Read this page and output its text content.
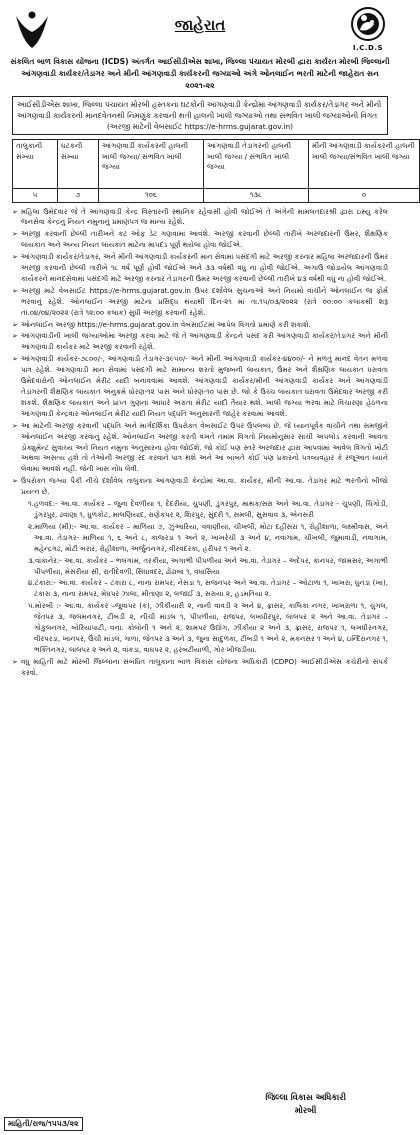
જાહેરાત
I.C.D.S
સંકલિત બાળ વિકાસ યોજના (ICDS) અંતર્ગત આઈસીડીએસ શાખા, જિલ્લા પંચાયત મોરબી દ્વારા કાર્યરત મોરબી જિલ્લાની આંગણવાડી કાર્યકર/તેડાગર અને મીની આંગણવાડી કાર્યકરની જગ્યાઓ અંગે ઓનલાઈન ભરતી માટેની જાહેરાત સન ૨૦૨૧-૨૨
આઈસીડીએસ શાખા, જિલ્લા પંચાયત મોરબી હસ્તકના ઘટકોની આંગણવાડી કેન્દ્રોમાં આંગણવાડી કાર્યકર/તેડાગર અને મીની આંગણવાડી કાર્યકરની માનદવેતનથી નિમણુંક કરવાની થતી હાલની ખાલી જગ્યાઓ તથા સંભવિત ખાલી જગ્યાઓની વિગત
(અરજી માટેની વેબસાઈટ https://e-hrms.gujarat.gov.in)
તાલુકાની સંખ્યા	ઘટકની સંખ્યા	આંગણવાડી કાર્યકરની હાલની ખાલી જગ્યા/ સંભવિત ખાલી જગ્યા	આંગણવાડી તેડાગરની હાલની ખાલી જગ્યા / સંભવિત ખાલી જગ્યા	મીની આંગણવાડી કાર્યકરની હાલની ખાલી જગ્યા/સંભવિત ખાલી જગ્યા
૫	૭	૧૦૬	૧૩૮	૦
➢ મહિલા ઉમેદવાર જે તે આંગણવાડી કેન્દ્ર વિસ્તારની સ્થાનિક રહેવાસી હોવી જોઈએ તે અંગેની મામલતદારશ્રી દ્વારા ઇસ્યુ કરેલ જનસેવા કેન્દ્રનું નિયત નમુનાનું પ્રમાણપત્ર જ માન્ય રહેશે.
➢ અરજી કરવાની છેલ્લી તારીખને કટ ઓફ ડેટ ગણવામાં આવશે. અરજી કરવાની છેલ્લી તારીખે અરજદારની ઉંમર, શૈક્ષણિક લાયકાત અને અન્ય નિયત લાયકાત માટેના માપદંડ પૂર્ણ થયેલા હોવા જોઈએ.
➢ આંગણવાડી કાર્યકર/તેડાગર, અને મીની આંગણવાડી કાર્યકરની માન સેવામાં પસંદગી માટે અરજી કરનાર મહિલા અરજદારની ઉંમર અરજી કરવાની છેલ્લી તારીખે ૧૮ વર્ષ પૂર્ણ હોવી જોઈએ અને ૩૩ વર્ષથી વધુ ના હોવી જોઈએ. અગાઉ જોડાયેલ આંગણવાડી કાર્યકરને માનદસેવામાં પસંદગી માટે અરજી કરનાર તેડાગરની ઉંમર અરજી કરવાની છેલ્લી તારીખે ૪૩ વર્ષથી વધુ ના હોવી જોઈએ.
➢ અરજી માટે વેબસાઈટ https://e-hrms.gujarat.gov.in ઉપર દર્શાવેલ સુચનાઓ અને નિયમો વાંચીને ઓનલાઈન જ ફોર્મ ભરવાનું રહેશે. ઓનલાઈન અરજી માટેના પ્રસિદ્ધ થયાથી દિન-૨૧ માં તા.૧૫/૦૩/૨૦૨૨ (રાત્રે ૦૦:૦૦ કલાકથી શરૂ તા.૦૪/૦૪/૨૦૨૨ (રાત્રે ૧૨:૦૦ કલાક) સુધી અરજી કરવાની રહેશે.
➢ ઓનલાઈન અરજી https://e-hrms.gujarat.gov.in વેબસાઈટમાં આપેલ વિગતો પ્રમાણે કરી શકાશે.
➢ આંગણવાડીની ખાલી જગ્યાઓમાં અરજી કરવા માટે જે તે આંગણવાડી કેન્દ્રને પસંદ કરી આંગણવાડી કાર્યકર/તેડાગર અને મીની આંગણવાડી કાર્યકર માટે અરજી કરવાની રહેશે.
➢ આંગણવાડી કાર્યકર-૭૮૦૦/-, આંગણવાડી તેડાગર-૩૯૫૦/- અને મીની આંગણવાડી કાર્યકર-૪૪૦૦/- ને મળતું માનદ વેતન મળવા પાત્ર રહેશે. આંગણવાડી માન સેવામાં પસંદગી માટે સામાન્ય શરતો મુજબની લાયકાત, ઉંમર અને શૈક્ષણિક લાયકાત ધરાવતા ઉમેદવારોની ઓનલાઈન મેરીટ યાદી બનાવવામાં આવશે. આંગણવાડી કાર્યકર/મીની આંગણવાડી કાર્યકર અને આંગણવાડી તેડાગરની શૈક્ષણિક લાયકાત અનુક્રમે ધોરણ-૧૨ પાસ અને ધોરણ-૧૦ પાસ છે. જો કે ઉચ્ચ લાયકાત ધરાવતા ઉમેદવાર અરજી કરી શકશે. શૈક્ષણિક લાયકાત અને પ્રાપ્ત ગુણના આધારે અગ્રતા મેરીટ યાદી તૈયાર થશે. ખાલી જગ્યા ભરવા માટે વિચારણા હેઠળના આંગણવાડી કેન્દ્રવાર ઓનલાઈન મેરીટ યાદી નિયત પદ્ધતિ અનુસારની જાહેર કરવામાં આવશે.
➢ આ માટેની અરજી કરવાની પદ્ધતિ અને માર્ગદર્શિકા ઉપરોક્ત વેબસાઈટ ઉપર ઉપલબ્ધ છે. જે ધ્યાનપૂર્વક વાંચીને તથા સમજીને ઓનલાઈન અરજી કરવાનું રહેશે. ઓનલાઈન અરજી કરતી વખતે તમામ વિગતો નિયમોનુસાર સાચી અપલોડ કરવાની આવતા ડોક્યુમેન્ટ સુવાચ્ય અને નિયત નમુના અનુસારના હોવા જોઈશે. જો કોઈ પણ સ્તરે અરજદાર દ્વારા આપવામાં આવેલ વિગતો ખોટી અથવા અસત્ય હશે તો તેઓની અરજી રદ કરવાને પાત્ર થશે અને આ બાબતે કોઈ પણ પ્રકારનો પત્રવ્યવહાર કે રજૂઆત ધ્યાને લેવામાં આવશે નહીં. જેની ખાસ નોંધ લેવી.
➢ ઉપરોક્ત જગ્યા પૈકી નીચે દર્શાવેલ તાલુકાના આંગણવાડી કેન્દ્રોમાં આ.વા. કાર્યકર, મીની આ.વા. તેડાગર માટે ભરતીનો બીજો પ્રયત્ન છે.
૧.હળવદ:- આ.વા. કાર્યકર – જુના દેવળીયા ૧, દેદરીયા, ચુપણી, ડુંગરપુર, માથક/સરા અને આ.વા. તેડાગર - ચુપણી, ચિંગોડી, ડુંગરપુર, ઢવાણા ૧, ધુળકોટ, માલણિયાદ, રાણેકપર ૨, શિરપુર, સુંદરી ૧, સમલી, સુસવાવ ૩, એનસરી
૨.માળિયા (મી):- આ.વા. કાર્યકર – માળિયા ૭, ઝુંઆરિયા, વવાણીયા, ચીખલી, મોટા દહીંસરા ૧, રોહીશાળા, લક્ષ્મીવાસ, અને આ.વા. તેડાગર- માળિયા ૧, ૬ અને ૮, કાજરડા ૧ અને ૨, ખાખરેચી ૩ અને ૪, નવાગામ, ચીખલી, જુમાવાડી, નવાગામ, મહેન્દ્રગઢ, મોટી બરાર, રોહીશાળા, અર્જુનનગર, વીરવદરકા, હરીપર ૧ અને ૨.
૩.વાંકાનેર:- આ.વા. કાર્યકર – ભલગામ, તરકીયા, અગાભી પીપળીયા અને આ.વા. તેડાગર – અદેપર, કાનપર, જામસર, અગાભી પીપળીયા, મેસરીયા સી, રાતીદેવળી, સિંધાવદર, ઢોંઢાબા ૧, વઘાસિયા
૪.ટંકારા:- આ.વા. કાર્યકર – ટંકારા ૮, નાના રામપર, નેસડા ૧, સજનપર અને આ.વા. તેડાગર – ઓટાળા ૧, ખાખરા, ધુનડા (ખા), ટંકારા ૩, નાના રામપર, મેઘપર ઝાલા, મીતાણા ૨, લજાઈ ૩, સરાયા ૨, હડમતિયા ૨.
૫.મોરબી :- આ.વા. કાર્યકર –જુવાપર (ક), ઝીકીયારી ૨, નાની વાવડી ૨ અને ૪, ફ્રાસર, કાલિકા નગર, ખાખરાળા ૧, ચુંગલ, જેતપર ૩, જલમનગર, ટીંબડી ૨, નીચી માંડલ ૧, પીપળીયા, રાજપર, લખધીરપુર, લાલપર ૨ અને આ.વા. તેડાગર – ગોકુલનગર, બોરિયાપાટી, વના. કોલોની ૧ અને ૨, શામપર ઉદ્યોગ, ઝીકીયા ૨ અને ૩, ફ્રાસર, રાજપર ૧, લખધીરનગર, વીરપરડા, ખાનપર, ઉંચી માંડલ, ગાળા, જેતપર ૩ અને ૩, જુના સાદુળકા, ટીંબડી ૧ અને ૨, મકનસર ૧ અને ૪, ઇન્દિરાનગર ૧, ભક્તિનગર, લાલપર ૨ અને ૨, વાંકડા, વાઘપર ૨, હરબટીયાળી, ગોર ખીજડીયા.
➢ વધુ માહિતી માટે મોરબી જિલ્લાના સંબંધિત તાલુકાના બાળ વિકાસ યોજના અધિકારી (CDPO) આઈસીડીએસ કચેરીનો સંપર્ક કરવો.
જિલ્લા વિકાસ અધિકારી
મોરબી
માહિતી/રાજ/૧૫૫૩/૨૨
